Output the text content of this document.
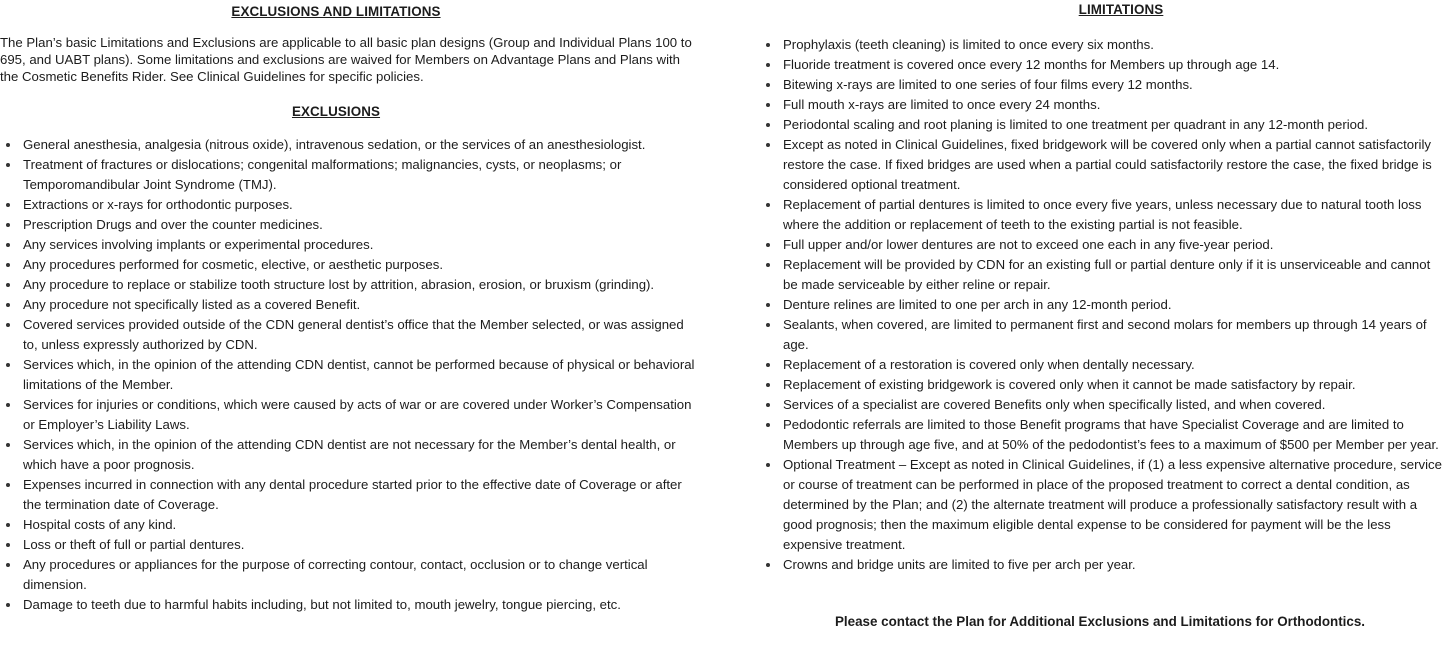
EXCLUSIONS AND LIMITATIONS

The Plan’s basic Limitations and Exclusions are applicable to all basic plan designs (Group and Individual Plans 100 to 695, and UABT plans). Some limitations and exclusions are waived for Members on Advantage Plans and Plans with the Cosmetic Benefits Rider. See Clinical Guidelines for specific policies.

EXCLUSIONS
General anesthesia, analgesia (nitrous oxide), intravenous sedation, or the services of an anesthesiologist.
Treatment of fractures or dislocations; congenital malformations; malignancies, cysts, or neoplasms; or Temporomandibular Joint Syndrome (TMJ).
Extractions or x-rays for orthodontic purposes.
Prescription Drugs and over the counter medicines.
Any services involving implants or experimental procedures.
Any procedures performed for cosmetic, elective, or aesthetic purposes.
Any procedure to replace or stabilize tooth structure lost by attrition, abrasion, erosion, or bruxism (grinding).
Any procedure not specifically listed as a covered Benefit.
Covered services provided outside of the CDN general dentist’s office that the Member selected, or was assigned to, unless expressly authorized by CDN.
Services which, in the opinion of the attending CDN dentist, cannot be performed because of physical or behavioral limitations of the Member.
Services for injuries or conditions, which were caused by acts of war or are covered under Worker’s Compensation or Employer’s Liability Laws.
Services which, in the opinion of the attending CDN dentist are not necessary for the Member’s dental health, or which have a poor prognosis.
Expenses incurred in connection with any dental procedure started prior to the effective date of Coverage or after the termination date of Coverage.
Hospital costs of any kind.
Loss or theft of full or partial dentures.
Any procedures or appliances for the purpose of correcting contour, contact, occlusion or to change vertical dimension.
Damage to teeth due to harmful habits including, but not limited to, mouth jewelry, tongue piercing, etc.
LIMITATIONS
Prophylaxis (teeth cleaning) is limited to once every six months.
Fluoride treatment is covered once every 12 months for Members up through age 14.
Bitewing x-rays are limited to one series of four films every 12 months.
Full mouth x-rays are limited to once every 24 months.
Periodontal scaling and root planing is limited to one treatment per quadrant in any 12-month period.
Except as noted in Clinical Guidelines, fixed bridgework will be covered only when a partial cannot satisfactorily restore the case. If fixed bridges are used when a partial could satisfactorily restore the case, the fixed bridge is considered optional treatment.
Replacement of partial dentures is limited to once every five years, unless necessary due to natural tooth loss where the addition or replacement of teeth to the existing partial is not feasible.
Full upper and/or lower dentures are not to exceed one each in any five-year period.
Replacement will be provided by CDN for an existing full or partial denture only if it is unserviceable and cannot be made serviceable by either reline or repair.
Denture relines are limited to one per arch in any 12-month period.
Sealants, when covered, are limited to permanent first and second molars for members up through 14 years of age.
Replacement of a restoration is covered only when dentally necessary.
Replacement of existing bridgework is covered only when it cannot be made satisfactory by repair.
Services of a specialist are covered Benefits only when specifically listed, and when covered.
Pedodontic referrals are limited to those Benefit programs that have Specialist Coverage and are limited to Members up through age five, and at 50% of the pedodontist’s fees to a maximum of $500 per Member per year.
Optional Treatment – Except as noted in Clinical Guidelines, if (1) a less expensive alternative procedure, service or course of treatment can be performed in place of the proposed treatment to correct a dental condition, as determined by the Plan; and (2) the alternate treatment will produce a professionally satisfactory result with a good prognosis; then the maximum eligible dental expense to be considered for payment will be the less expensive treatment.
Crowns and bridge units are limited to five per arch per year.
Please contact the Plan for Additional Exclusions and Limitations for Orthodontics.
